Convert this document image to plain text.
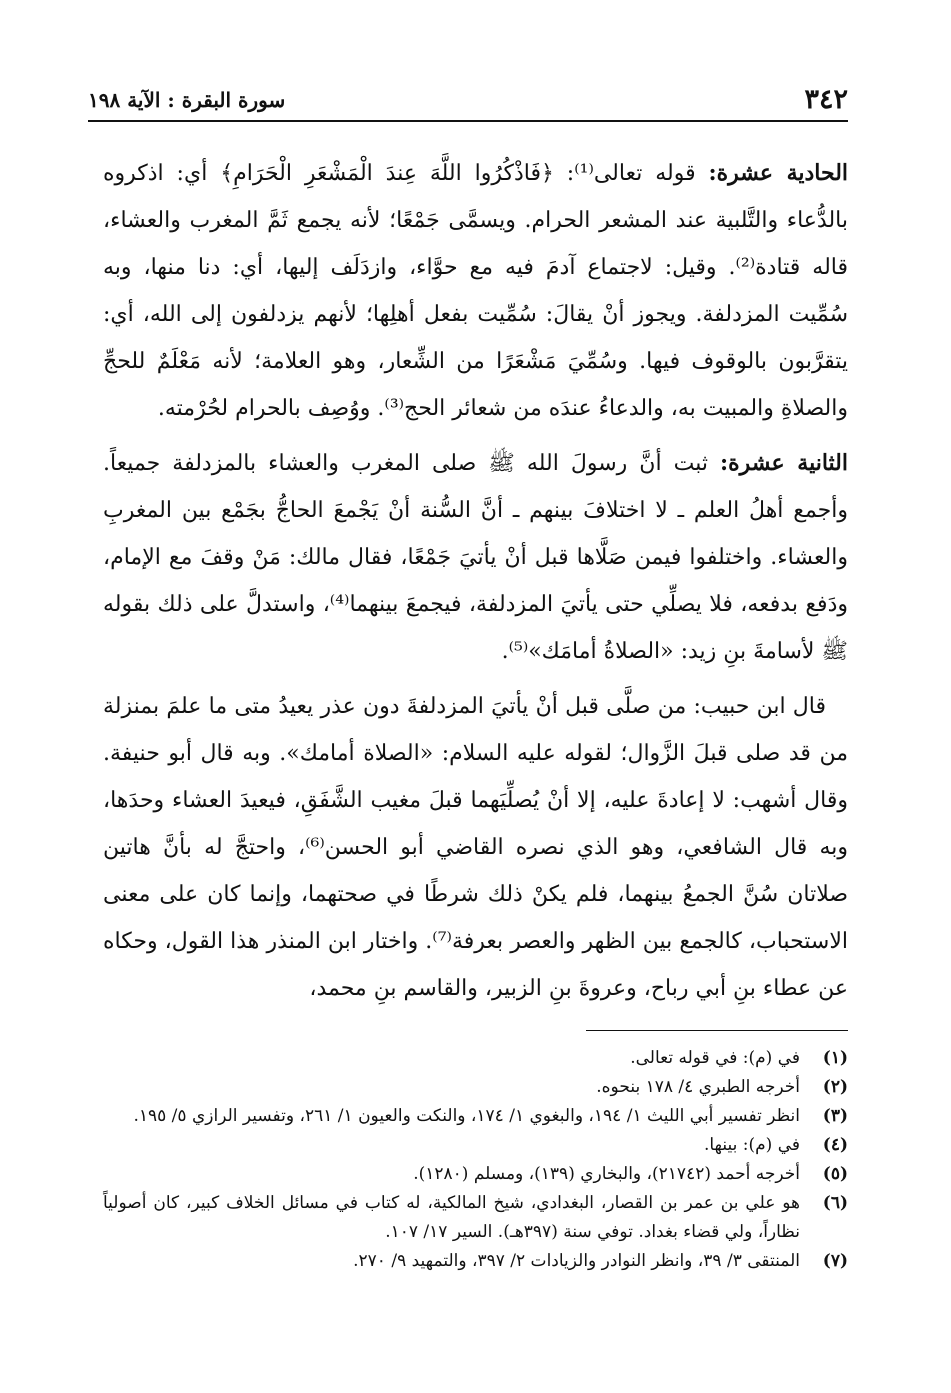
٣٤٢
سورة البقرة : الآية ١٩٨

الحادية عشرة: قوله تعالى⁽¹⁾: ﴿فَاذْكُرُوا اللَّهَ عِندَ الْمَشْعَرِ الْحَرَامِ﴾ أي: اذكروه بالدُّعاء والتَّلبية عند المشعر الحرام. ويسمَّى جَمْعًا؛ لأنه يجمع ثَمَّ المغرب والعشاء، قاله قتادة⁽²⁾. وقيل: لاجتماع آدمَ فيه مع حوَّاء، وازدَلَف إليها، أي: دنا منها، وبه سُمِّيت المزدلفة. ويجوز أنْ يقالَ: سُمِّيت بفعل أهلِها؛ لأنهم يزدلفون إلى الله، أي: يتقرَّبون بالوقوف فيها. وسُمِّيَ مَشْعَرًا من الشِّعار، وهو العلامة؛ لأنه مَعْلَمٌ للحجِّ والصلاةِ والمبيت به، والدعاءُ عندَه من شعائر الحج⁽³⁾. ووُصِف بالحرام لحُرْمته.

الثانية عشرة: ثبت أنَّ رسولَ الله ﷺ صلى المغرب والعشاء بالمزدلفة جميعاً. وأجمع أهلُ العلم ـ لا اختلافَ بينهم ـ أنَّ السُّنة أنْ يَجْمعَ الحاجُّ بجَمْع بين المغربِ والعشاء. واختلفوا فيمن صَلَّاها قبل أنْ يأتيَ جَمْعًا، فقال مالك: مَنْ وقفَ مع الإمام، ودَفع بدفعه، فلا يصلِّي حتى يأتيَ المزدلفة، فيجمعَ بينهما⁽⁴⁾، واستدلَّ على ذلك بقوله ﷺ لأسامةَ بنِ زيد: «الصلاةُ أمامَك»⁽⁵⁾.

قال ابن حبيب: من صلَّى قبل أنْ يأتيَ المزدلفةَ دون عذر يعيدُ متى ما علمَ بمنزلة من قد صلى قبلَ الزَّوال؛ لقوله عليه السلام: «الصلاة أمامك». وبه قال أبو حنيفة. وقال أشهب: لا إعادةَ عليه، إلا أنْ يُصلِّيَهما قبلَ مغيب الشَّفَقِ، فيعيدَ العشاء وحدَها، وبه قال الشافعي، وهو الذي نصره القاضي أبو الحسن⁽⁶⁾، واحتجَّ له بأنَّ هاتين صلاتان سُنَّ الجمعُ بينهما، فلم يكنْ ذلك شرطًا في صحتهما، وإنما كان على معنى الاستحباب، كالجمع بين الظهر والعصر بعرفة⁽⁷⁾. واختار ابن المنذر هذا القول، وحكاه عن عطاء بنِ أبي رباح، وعروةَ بنِ الزبير، والقاسم بنِ محمد،

(١)
في (م): في قوله تعالى.
(٢)
أخرجه الطبري ٤/ ١٧٨ بنحوه.
(٣)
انظر تفسير أبي الليث ١/ ١٩٤، والبغوي ١/ ١٧٤، والنكت والعيون ١/ ٢٦١، وتفسير الرازي ٥/ ١٩٥.
(٤)
في (م): بينها.
(٥)
أخرجه أحمد (٢١٧٤٢)، والبخاري (١٣٩)، ومسلم (١٢٨٠).
(٦)
هو علي بن عمر بن القصار، البغدادي، شيخ المالكية، له كتاب في مسائل الخلاف كبير، كان أصولياً نظاراً، ولي قضاء بغداد. توفي سنة (٣٩٧هـ). السير ١٧/ ١٠٧.
(٧)
المنتقى ٣/ ٣٩، وانظر النوادر والزيادات ٢/ ٣٩٧، والتمهيد ٩/ ٢٧٠.
